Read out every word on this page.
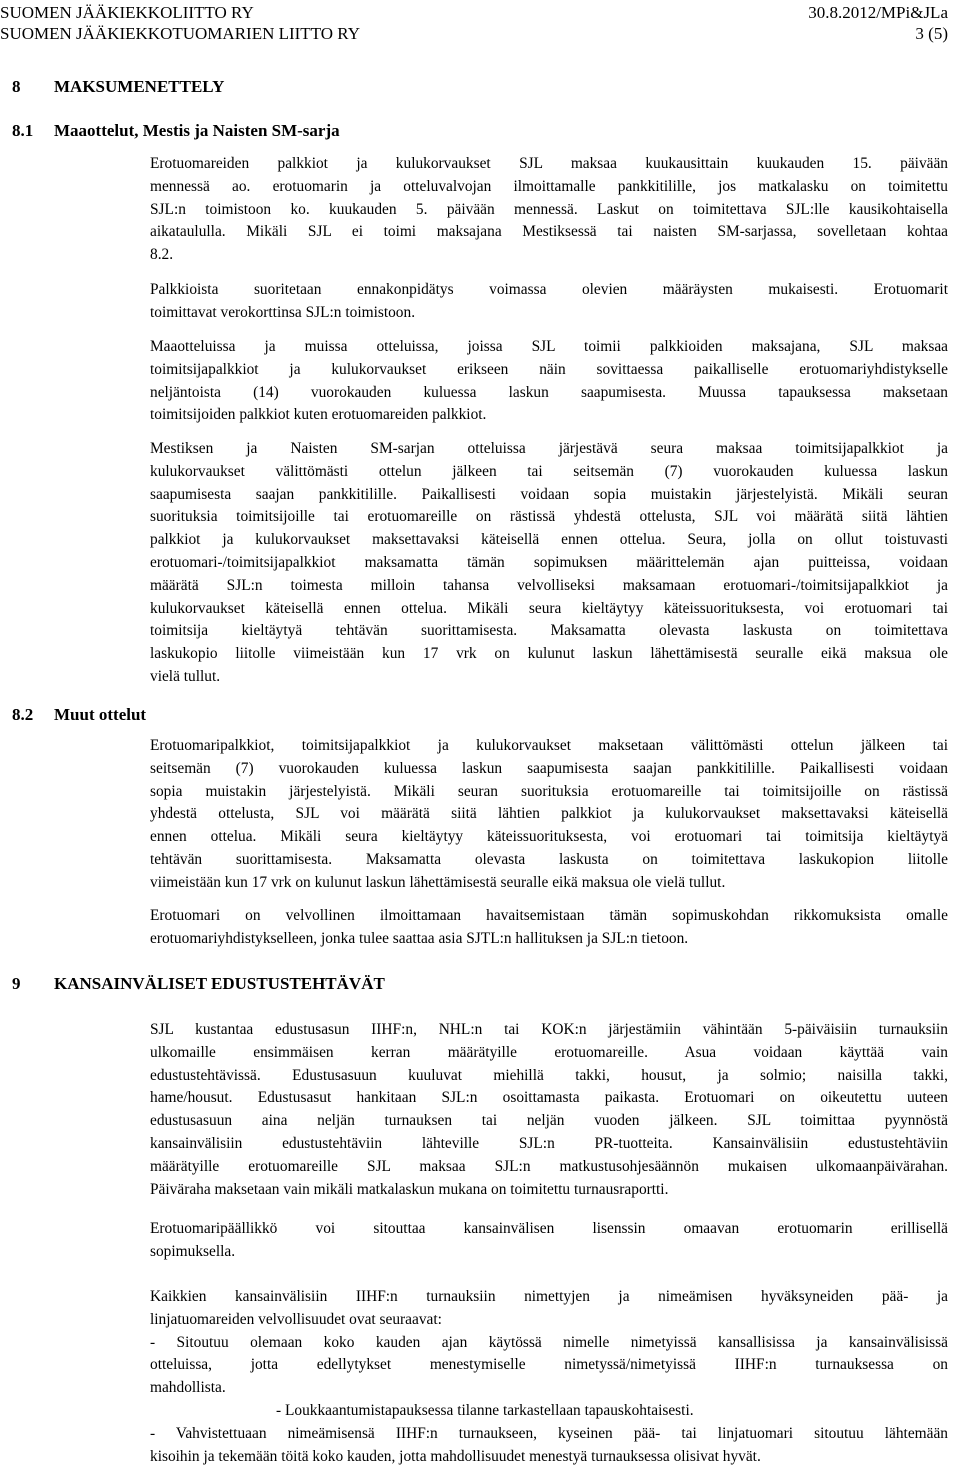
SUOMEN JÄÄKIEKKOLIITTO RY	30.8.2012/MPi&JLa
SUOMEN JÄÄKIEKKOTUOMARIEN LIITTO RY	3 (5)
8 MAKSUMENETTELY
8.1 Maaottelut, Mestis ja Naisten SM-sarja
8.2 Muut ottelut
9 KANSAINVÄLISET EDUSTUSTEHTÄVÄT
Erotuomareiden palkkiot ja kulukorvaukset SJL maksaa kuukausittain kuukauden 15. päivään
mennessä ao. erotuomarin ja otteluvalvojan ilmoittamalle pankkitilille, jos matkalasku on toimitettu
SJL:n toimistoon ko. kuukauden 5. päivään mennessä. Laskut on toimitettava SJL:lle kausikohtaisella
aikataululla. Mikäli SJL ei toimi maksajana Mestiksessä tai naisten SM-sarjassa, sovelletaan kohtaa
8.2.
Palkkioista suoritetaan ennakonpidätys voimassa olevien määräysten mukaisesti. Erotuomarit
toimittavat verokorttinsa SJL:n toimistoon.
Maaotteluissa ja muissa otteluissa, joissa SJL toimii palkkioiden maksajana, SJL maksaa
toimitsijapalkkiot ja kulukorvaukset erikseen näin sovittaessa paikalliselle erotuomariyhdistykselle
neljäntoista (14) vuorokauden kuluessa laskun saapumisesta. Muussa tapauksessa maksetaan
toimitsijoiden palkkiot kuten erotuomareiden palkkiot.
Mestiksen ja Naisten SM-sarjan otteluissa järjestävä seura maksaa toimitsijapalkkiot ja
kulukorvaukset välittömästi ottelun jälkeen tai seitsemän (7) vuorokauden kuluessa laskun
saapumisesta saajan pankkitilille. Paikallisesti voidaan sopia muistakin järjestelyistä. Mikäli seuran
suorituksia toimitsijoille tai erotuomareille on rästissä yhdestä ottelusta, SJL voi määrätä siitä lähtien
palkkiot ja kulukorvaukset maksettavaksi käteisellä ennen ottelua. Seura, jolla on ollut toistuvasti
erotuomari-/toimitsijapalkkiot maksamatta tämän sopimuksen määrittelemän ajan puitteissa, voidaan
määrätä SJL:n toimesta milloin tahansa velvolliseksi maksamaan erotuomari-/toimitsijapalkkiot ja
kulukorvaukset käteisellä ennen ottelua. Mikäli seura kieltäytyy käteissuorituksesta, voi erotuomari tai
toimitsija kieltäytyä tehtävän suorittamisesta. Maksamatta olevasta laskusta on toimitettava
laskukopio liitolle viimeistään kun 17 vrk on kulunut laskun lähettämisestä seuralle eikä maksua ole
vielä tullut.
Erotuomaripalkkiot, toimitsijapalkkiot ja kulukorvaukset maksetaan välittömästi ottelun jälkeen tai
seitsemän (7) vuorokauden kuluessa laskun saapumisesta saajan pankkitilille. Paikallisesti voidaan
sopia muistakin järjestelyistä. Mikäli seuran suorituksia erotuomareille tai toimitsijoille on rästissä
yhdestä ottelusta, SJL voi määrätä siitä lähtien palkkiot ja kulukorvaukset maksettavaksi käteisellä
ennen ottelua. Mikäli seura kieltäytyy käteissuorituksesta, voi erotuomari tai toimitsija kieltäytyä
tehtävän suorittamisesta. Maksamatta olevasta laskusta on toimitettava laskukopion liitolle
viimeistään kun 17 vrk on kulunut laskun lähettämisestä seuralle eikä maksua ole vielä tullut.
Erotuomari on velvollinen ilmoittamaan havaitsemistaan tämän sopimuskohdan rikkomuksista omalle
erotuomariyhdistykselleen, jonka tulee saattaa asia SJTL:n hallituksen ja SJL:n tietoon.
SJL kustantaa edustusasun IIHF:n, NHL:n tai KOK:n järjestämiin vähintään 5-päiväisiin turnauksiin
ulkomaille ensimmäisen kerran määrätyille erotuomareille. Asua voidaan käyttää vain
edustustehtävissä. Edustusasuun kuuluvat miehillä takki, housut, ja solmio; naisilla takki,
hame/housut. Edustusasut hankitaan SJL:n osoittamasta paikasta. Erotuomari on oikeutettu uuteen
edustusasuun aina neljän turnauksen tai neljän vuoden jälkeen. SJL toimittaa pyynnöstä
kansainvälisiin edustustehtäviin lähteville SJL:n PR-tuotteita. Kansainvälisiin edustustehtäviin
määrätyille erotuomareille SJL maksaa SJL:n matkustusohjesäännön mukaisen ulkomaanpäivärahan.
Päiväraha maksetaan vain mikäli matkalaskun mukana on toimitettu turnausraportti.
Erotuomaripäällikkö voi sitouttaa kansainvälisen lisenssin omaavan erotuomarin erillisellä
sopimuksella.
Kaikkien kansainvälisiin IIHF:n turnauksiin nimettyjen ja nimeämisen hyväksyneiden pää- ja
linjatuomareiden velvollisuudet ovat seuraavat:
- Sitoutuu olemaan koko kauden ajan käytössä nimelle nimetyissä kansallisissa ja kansainvälisissä
otteluissa, jotta edellytykset menestymiselle nimetyssä/nimetyissä IIHF:n turnauksessa on
mahdollista.
- Loukkaantumistapauksessa tilanne tarkastellaan tapauskohtaisesti.
- Vahvistettuaan nimeämisensä IIHF:n turnaukseen, kyseinen pää- tai linjatuomari sitoutuu lähtemään
kisoihin ja tekemään töitä koko kauden, jotta mahdollisuudet menestyä turnauksessa olisivat hyvät.
